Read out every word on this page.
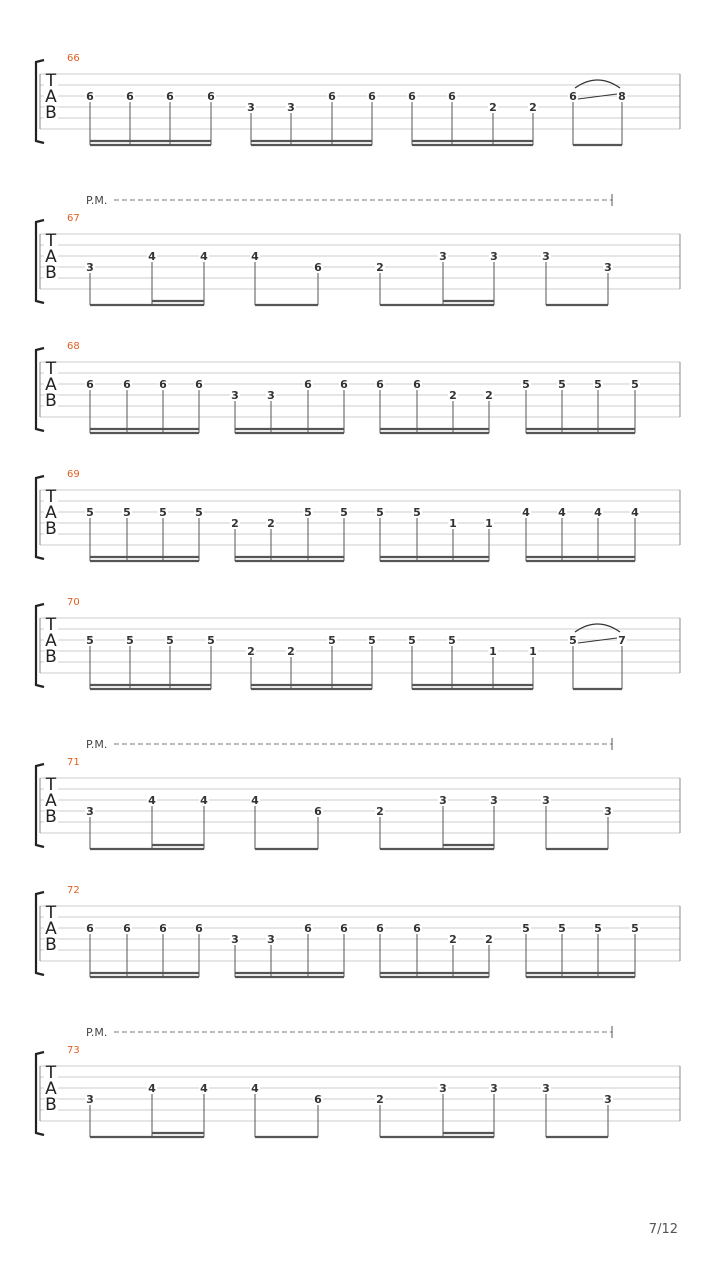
66
T
A
B
6	6	6	6
3	3
6	6	6	6
2	2
6	8
P.M.
67
T
A
B	3
4	4	4
6	2
3	3	3
3
68
T
A
B
6	6	6	6
3	3
6	6	6	6
2	2
5	5	5	5
69
T
A
B
5	5	5	5
2	2
5	5	5	5
1	1
4	4	4	4
70
T
A
B
5	5	5	5
2	2
5	5	5	5
1	1
5	7
P.M.
71
T
A
B	3
4	4	4
6	2
3	3	3
3
72
T
A
B
6	6	6	6
3	3
6	6	6	6
2	2
5	5	5	5
P.M.
73
T
A
B	3
4	4	4
6	2
3	3	3
3
7/12
